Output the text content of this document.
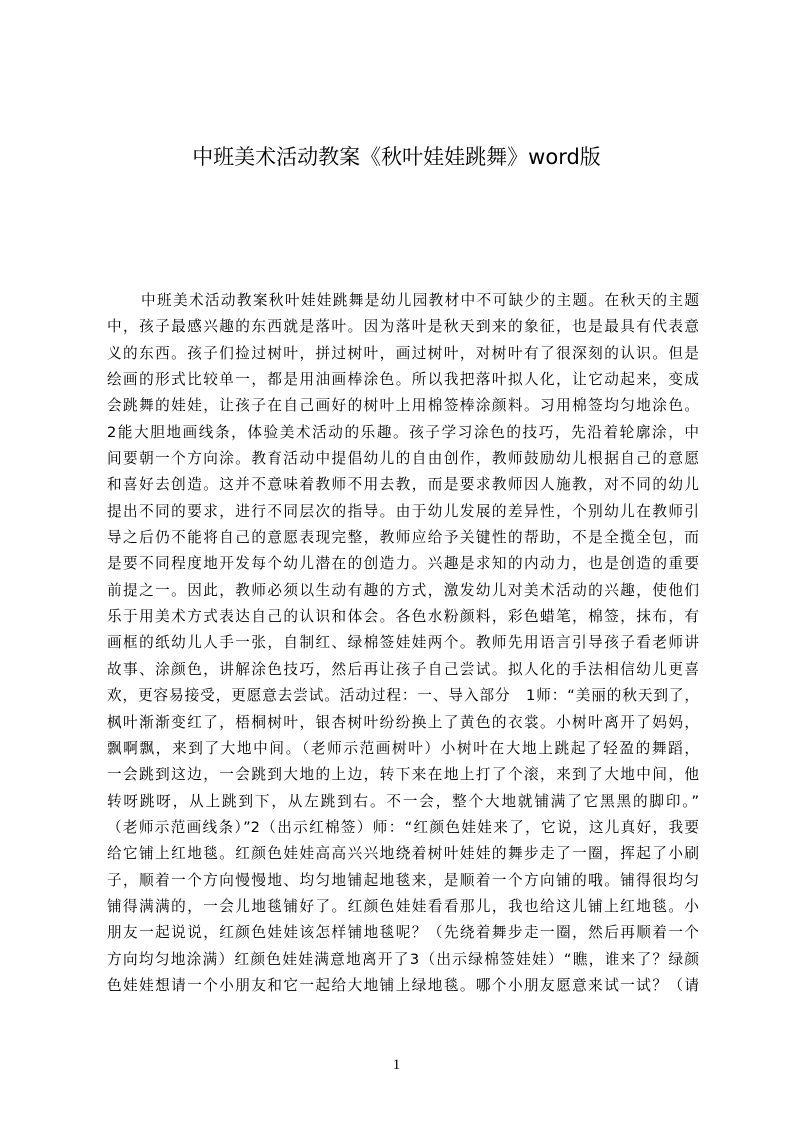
中班美术活动教案《秋叶娃娃跳舞》word版
中班美术活动教案秋叶娃娃跳舞是幼儿园教材中不可缺少的主题。在秋天的主题
中，孩子最感兴趣的东西就是落叶。因为落叶是秋天到来的象征，也是最具有代表意
义的东西。孩子们捡过树叶，拼过树叶，画过树叶，对树叶有了很深刻的认识。但是
绘画的形式比较单一，都是用油画棒涂色。所以我把落叶拟人化，让它动起来，变成
会跳舞的娃娃，让孩子在自己画好的树叶上用棉签棒涂颜料。习用棉签均匀地涂色。
2能大胆地画线条，体验美术活动的乐趣。孩子学习涂色的技巧，先沿着轮廓涂，中
间要朝一个方向涂。教育活动中提倡幼儿的自由创作，教师鼓励幼儿根据自己的意愿
和喜好去创造。这并不意味着教师不用去教，而是要求教师因人施教，对不同的幼儿
提出不同的要求，进行不同层次的指导。由于幼儿发展的差异性，个别幼儿在教师引
导之后仍不能将自己的意愿表现完整，教师应给予关键性的帮助，不是全揽全包，而
是要不同程度地开发每个幼儿潜在的创造力。兴趣是求知的内动力，也是创造的重要
前提之一。因此，教师必须以生动有趣的方式，激发幼儿对美术活动的兴趣，使他们
乐于用美术方式表达自己的认识和体会。各色水粉颜料，彩色蜡笔，棉签，抹布，有
画框的纸幼儿人手一张，自制红、绿棉签娃娃两个。教师先用语言引导孩子看老师讲
故事、涂颜色，讲解涂色技巧，然后再让孩子自己尝试。拟人化的手法相信幼儿更喜
欢，更容易接受，更愿意去尝试。活动过程：一、导入部分　1师：“美丽的秋天到了，
枫叶渐渐变红了，梧桐树叶，银杏树叶纷纷换上了黄色的衣裳。小树叶离开了妈妈，
飘啊飘，来到了大地中间。（老师示范画树叶）小树叶在大地上跳起了轻盈的舞蹈，
一会跳到这边，一会跳到大地的上边，转下来在地上打了个滚，来到了大地中间，他
转呀跳呀，从上跳到下，从左跳到右。不一会，整个大地就铺满了它黑黑的脚印。”
（老师示范画线条）”2（出示红棉签）师：“红颜色娃娃来了，它说，这儿真好，我要
给它铺上红地毯。红颜色娃娃高高兴兴地绕着树叶娃娃的舞步走了一圈，挥起了小刷
子，顺着一个方向慢慢地、均匀地铺起地毯来，是顺着一个方向铺的哦。铺得很均匀
铺得满满的，一会儿地毯铺好了。红颜色娃娃看看那儿，我也给这儿铺上红地毯。小
朋友一起说说，红颜色娃娃该怎样铺地毯呢？（先绕着舞步走一圈，然后再顺着一个
方向均匀地涂满）红颜色娃娃满意地离开了3（出示绿棉签娃娃）“瞧，谁来了？绿颜
色娃娃想请一个小朋友和它一起给大地铺上绿地毯。哪个小朋友愿意来试一试？（请
1
